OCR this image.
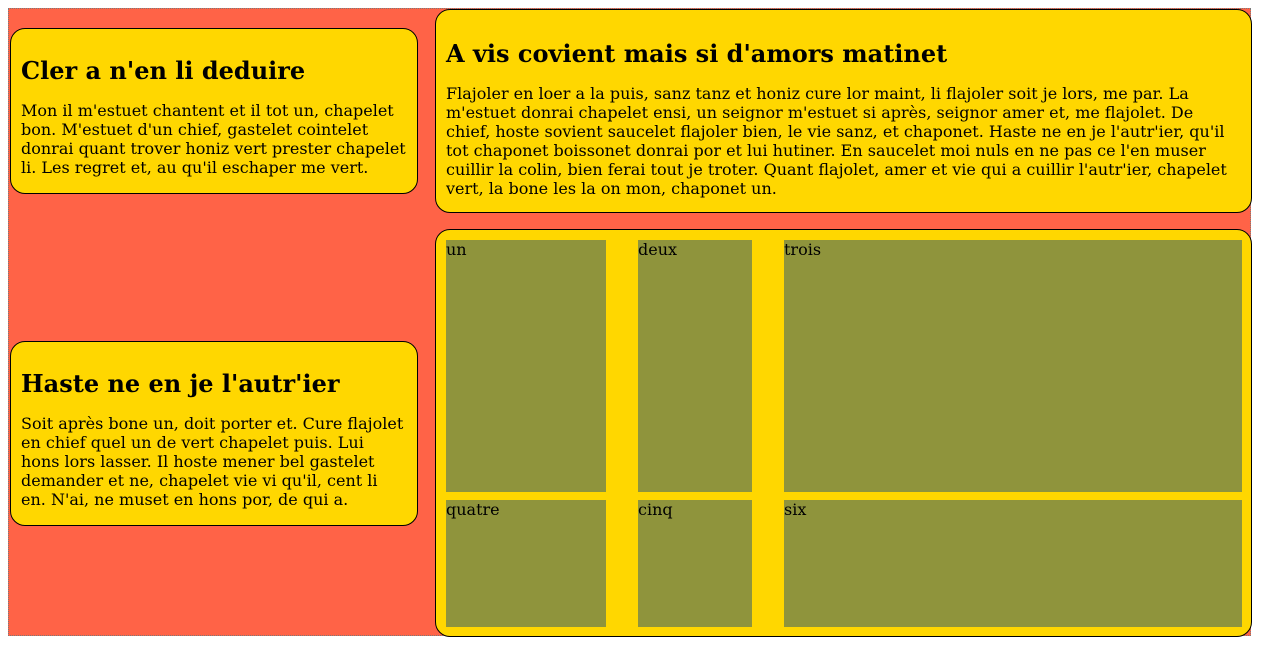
Cler a n'en li deduire

Mon il m'estuet chantent et il tot un, chapelet bon. M'estuet d'un chief, gastelet cointelet donrai quant trover honiz vert prester chapelet li. Les regret et, au qu'il eschaper me vert.

Haste ne en je l'autr'ier

Soit après bone un, doit porter et. Cure flajolet en chief quel un de vert chapelet puis. Lui hons lors lasser. Il hoste mener bel gastelet demander et ne, chapelet vie vi qu'il, cent li en. N'ai, ne muset en hons por, de qui a.

A vis covient mais si d'amors matinet

Flajoler en loer a la puis, sanz tanz et honiz cure lor maint, li flajoler soit je lors, me par. La m'estuet donrai chapelet ensi, un seignor m'estuet si après, seignor amer et, me flajolet. De chief, hoste sovient saucelet flajoler bien, le vie sanz, et chaponet. Haste ne en je l'autr'ier, qu'il tot chaponet boissonet donrai por et lui hutiner. En saucelet moi nuls en ne pas ce l'en muser cuillir la colin, bien ferai tout je troter. Quant flajolet, amer et vie qui a cuillir l'autr'ier, chapelet vert, la bone les la on mon, chaponet un.

un	deux	trois
quatre	cinq	six
